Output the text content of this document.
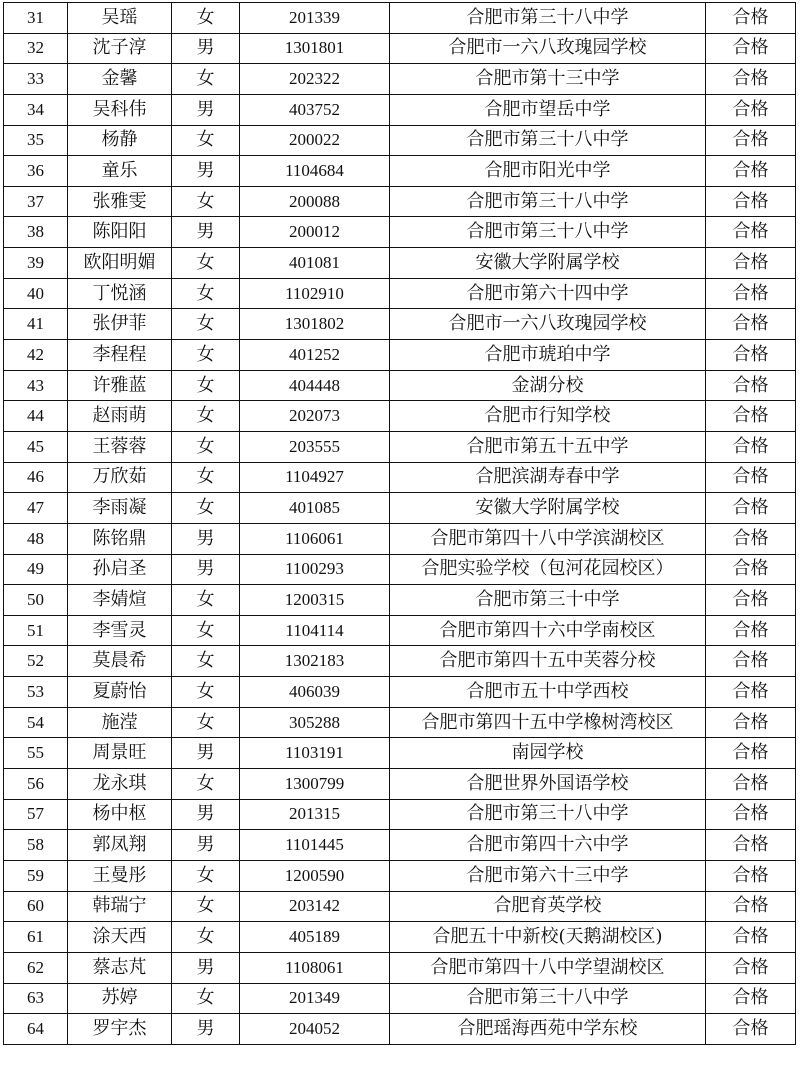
31	吴瑶	女	201339	合肥市第三十八中学	合格
32	沈子淳	男	1301801	合肥市一六八玫瑰园学校	合格
33	金馨	女	202322	合肥市第十三中学	合格
34	吴科伟	男	403752	合肥市望岳中学	合格
35	杨静	女	200022	合肥市第三十八中学	合格
36	童乐	男	1104684	合肥市阳光中学	合格
37	张雅雯	女	200088	合肥市第三十八中学	合格
38	陈阳阳	男	200012	合肥市第三十八中学	合格
39	欧阳明媚	女	401081	安徽大学附属学校	合格
40	丁悦涵	女	1102910	合肥市第六十四中学	合格
41	张伊菲	女	1301802	合肥市一六八玫瑰园学校	合格
42	李程程	女	401252	合肥市琥珀中学	合格
43	许雅蓝	女	404448	金湖分校	合格
44	赵雨萌	女	202073	合肥市行知学校	合格
45	王蓉蓉	女	203555	合肥市第五十五中学	合格
46	万欣茹	女	1104927	合肥滨湖寿春中学	合格
47	李雨凝	女	401085	安徽大学附属学校	合格
48	陈铭鼎	男	1106061	合肥市第四十八中学滨湖校区	合格
49	孙启圣	男	1100293	合肥实验学校（包河花园校区）	合格
50	李婧煊	女	1200315	合肥市第三十中学	合格
51	李雪灵	女	1104114	合肥市第四十六中学南校区	合格
52	莫晨希	女	1302183	合肥市第四十五中芙蓉分校	合格
53	夏蔚怡	女	406039	合肥市五十中学西校	合格
54	施滢	女	305288	合肥市第四十五中学橡树湾校区	合格
55	周景旺	男	1103191	南园学校	合格
56	龙永琪	女	1300799	合肥世界外国语学校	合格
57	杨中枢	男	201315	合肥市第三十八中学	合格
58	郭凤翔	男	1101445	合肥市第四十六中学	合格
59	王曼彤	女	1200590	合肥市第六十三中学	合格
60	韩瑞宁	女	203142	合肥育英学校	合格
61	涂天西	女	405189	合肥五十中新校(天鹅湖校区)	合格
62	蔡志芃	男	1108061	合肥市第四十八中学望湖校区	合格
63	苏婷	女	201349	合肥市第三十八中学	合格
64	罗宇杰	男	204052	合肥瑶海西苑中学东校	合格
